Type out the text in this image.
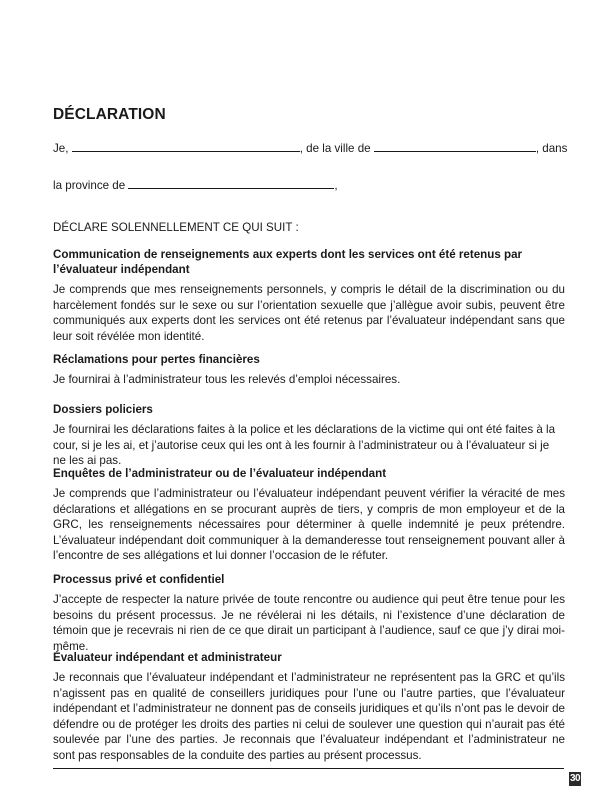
DÉCLARATION
Je,	, de la ville de	, dans
la province de	,
DÉCLARE SOLENNELLEMENT CE QUI SUIT :
Communication de renseignements aux experts dont les services ont été retenus par l’évaluateur indépendant
Je comprends que mes renseignements personnels, y compris le détail de la discrimination ou du harcèlement fondés sur le sexe ou sur l’orientation sexuelle que j’allègue avoir subis, peuvent être communiqués aux experts dont les services ont été retenus par l’évaluateur indépendant sans que leur soit révélée mon identité.
Réclamations pour pertes financières
Je fournirai à l’administrateur tous les relevés d’emploi nécessaires.
Dossiers policiers
Je fournirai les déclarations faites à la police et les déclarations de la victime qui ont été faites à la cour, si je les ai, et j’autorise ceux qui les ont à les fournir à l’administrateur ou à l’évaluateur si je ne les ai pas.
Enquêtes de l’administrateur ou de l’évaluateur indépendant
Je comprends que l’administrateur ou l’évaluateur indépendant peuvent vérifier la véracité de mes déclarations et allégations en se procurant auprès de tiers, y compris de mon employeur et de la GRC, les renseignements nécessaires pour déterminer à quelle indemnité je peux prétendre. L’évaluateur indépendant doit communiquer à la demanderesse tout renseignement pouvant aller à l’encontre de ses allégations et lui donner l’occasion de le réfuter.
Processus privé et confidentiel
J’accepte de respecter la nature privée de toute rencontre ou audience qui peut être tenue pour les besoins du présent processus. Je ne révélerai ni les détails, ni l’existence d’une déclaration de témoin que je recevrais ni rien de ce que dirait un participant à l’audience, sauf ce que j’y dirai moi-même.
Évaluateur indépendant et administrateur
Je reconnais que l’évaluateur indépendant et l’administrateur ne représentent pas la GRC et qu’ils n’agissent pas en qualité de conseillers juridiques pour l’une ou l’autre parties, que l’évaluateur indépendant et l’administrateur ne donnent pas de conseils juridiques et qu’ils n’ont pas le devoir de défendre ou de protéger les droits des parties ni celui de soulever une question qui n’aurait pas été soulevée par l’une des parties. Je reconnais que l’évaluateur indépendant et l’administrateur ne sont pas responsables de la conduite des parties au présent processus.
30
